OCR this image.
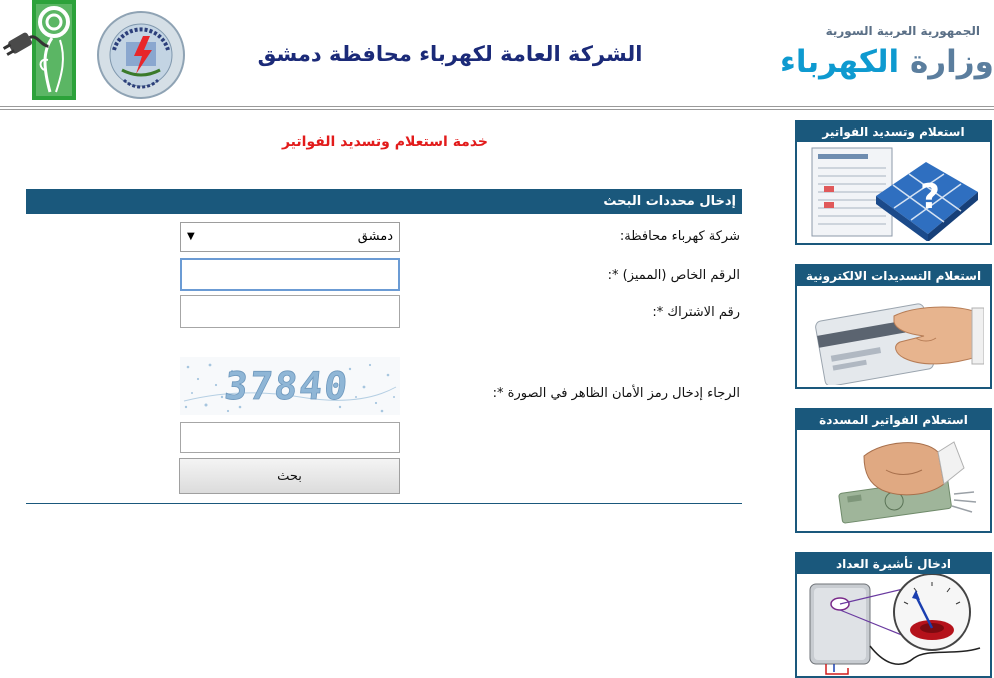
الشركة العامة لكهرباء محافظة دمشق
الجمهورية العربية السورية
وزارة الكهرباء
خدمة استعلام وتسديد الفواتير
إدخال محددات البحث
شركة كهرباء محافظة:
▼	دمشق
الرقم الخاص (المميز) *:
رقم الاشتراك *:
37840	الرجاء إدخال رمز الأمان الظاهر في الصورة *:
بحث
استعلام وتسديد الفواتير
?
استعلام التسديدات الالكترونية
استعلام الفواتير المسددة
ادخال تأشيرة العداد
